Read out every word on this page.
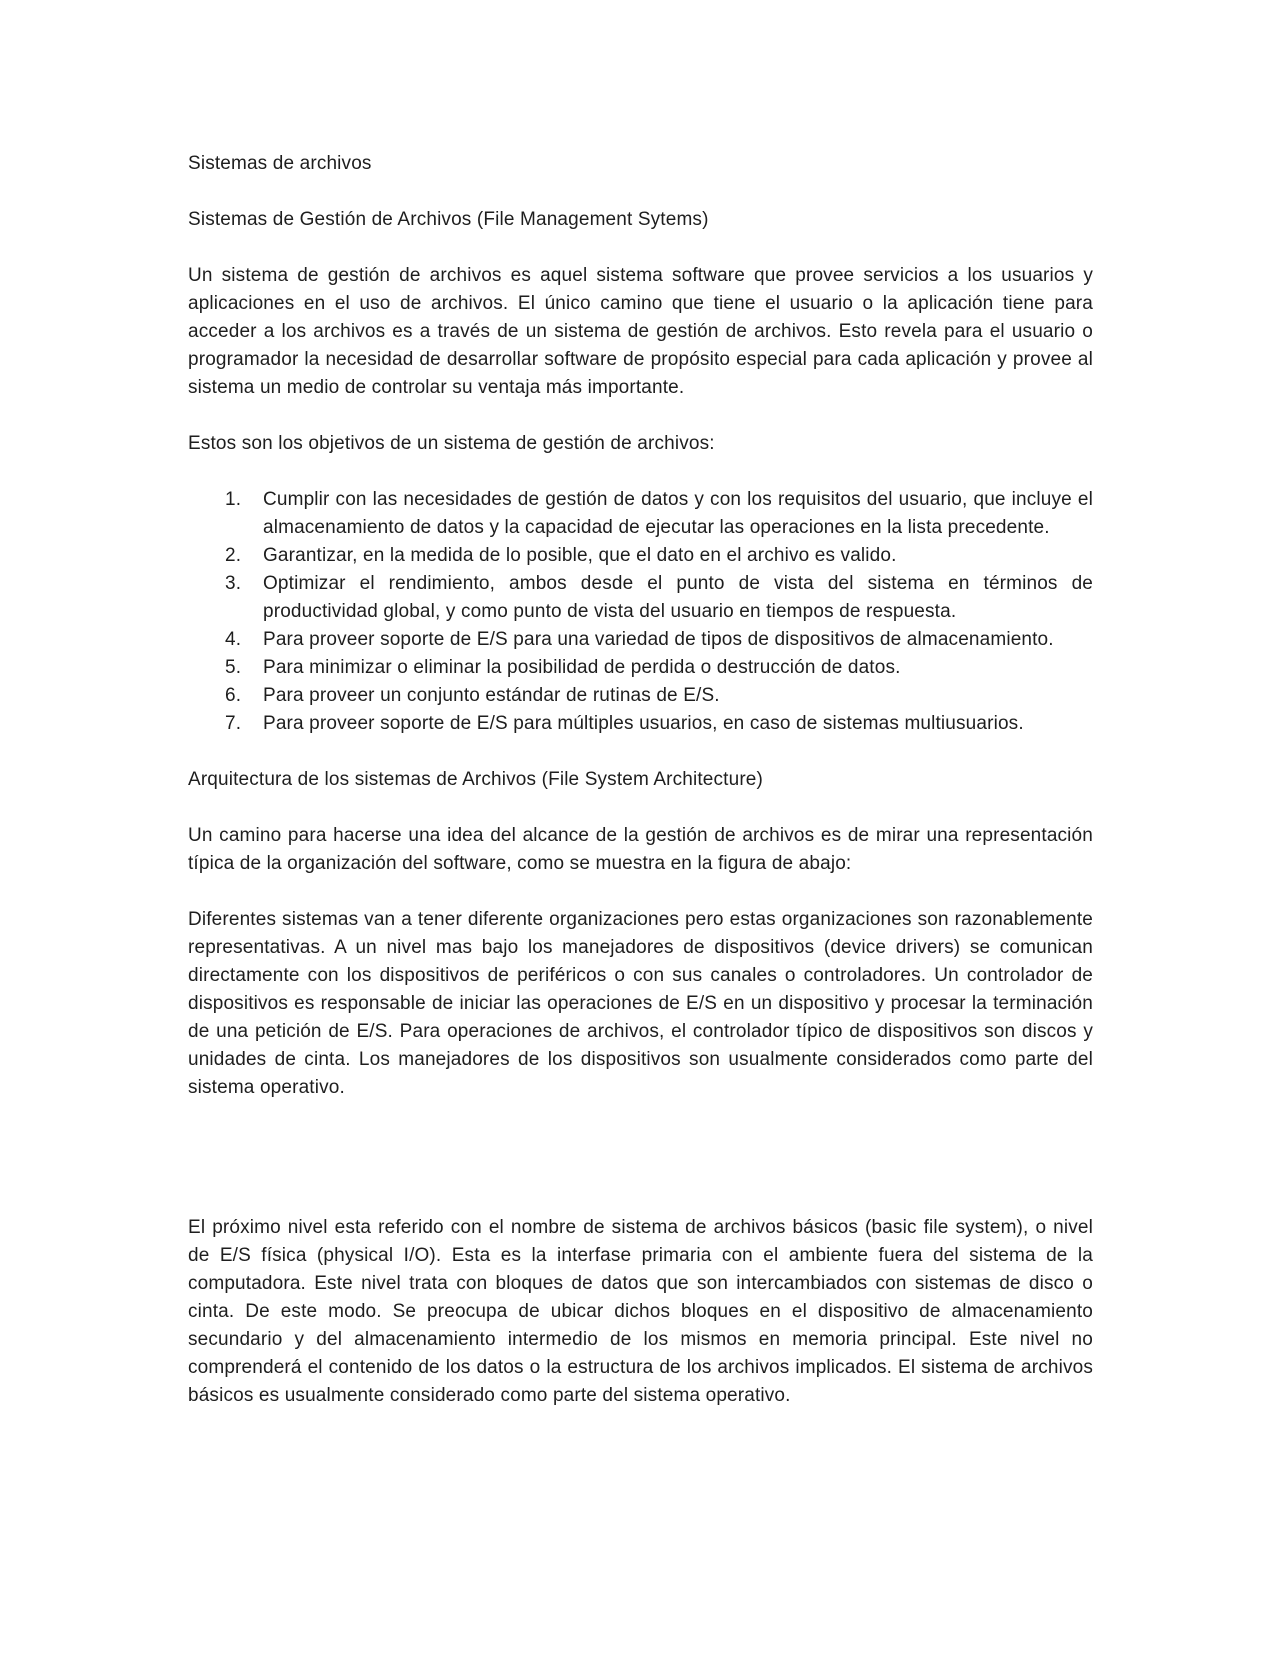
Sistemas de archivos

Sistemas de Gestión de Archivos (File Management Sytems)

Un sistema de gestión de archivos es aquel sistema software que provee servicios a los usuarios y aplicaciones en el uso de archivos. El único camino que tiene el usuario o la aplicación tiene para acceder a los archivos es a través de un sistema de gestión de archivos. Esto revela para el usuario o programador la necesidad de desarrollar software de propósito especial para cada aplicación y provee al sistema un medio de controlar su ventaja más importante.

Estos son los objetivos de un sistema de gestión de archivos:

1. Cumplir con las necesidades de gestión de datos y con los requisitos del usuario, que incluye el almacenamiento de datos y la capacidad de ejecutar las operaciones en la lista precedente.
2. Garantizar, en la medida de lo posible, que el dato en el archivo es valido.
3. Optimizar el rendimiento, ambos desde el punto de vista del sistema en términos de productividad global, y como punto de vista del usuario en tiempos de respuesta.
4. Para proveer soporte de E/S para una variedad de tipos de dispositivos de almacenamiento.
5. Para minimizar o eliminar la posibilidad de perdida o destrucción de datos.
6. Para proveer un conjunto estándar de rutinas de E/S.
7. Para proveer soporte de E/S para múltiples usuarios, en caso de sistemas multiusuarios.

Arquitectura de los sistemas de Archivos (File System Architecture)

Un camino para hacerse una idea del alcance de la gestión de archivos es de mirar una representación típica de la organización del software, como se muestra en la figura de abajo:

Diferentes sistemas van a tener diferente organizaciones pero estas organizaciones son razonablemente representativas. A un nivel mas bajo los manejadores de dispositivos (device drivers) se comunican directamente con los dispositivos de periféricos o con sus canales o controladores. Un controlador de dispositivos es responsable de iniciar las operaciones de E/S en un dispositivo y procesar la terminación de una petición de E/S. Para operaciones de archivos, el controlador típico de dispositivos son discos y unidades de cinta. Los manejadores de los dispositivos son usualmente considerados como parte del sistema operativo.

El próximo nivel esta referido con el nombre de sistema de archivos básicos (basic file system), o nivel de E/S física (physical I/O). Esta es la interfase primaria con el ambiente fuera del sistema de la computadora. Este nivel trata con bloques de datos que son intercambiados con sistemas de disco o cinta. De este modo. Se preocupa de ubicar dichos bloques en el dispositivo de almacenamiento secundario y del almacenamiento intermedio de los mismos en memoria principal. Este nivel no comprenderá el contenido de los datos o la estructura de los archivos implicados. El sistema de archivos básicos es usualmente considerado como parte del sistema operativo.
